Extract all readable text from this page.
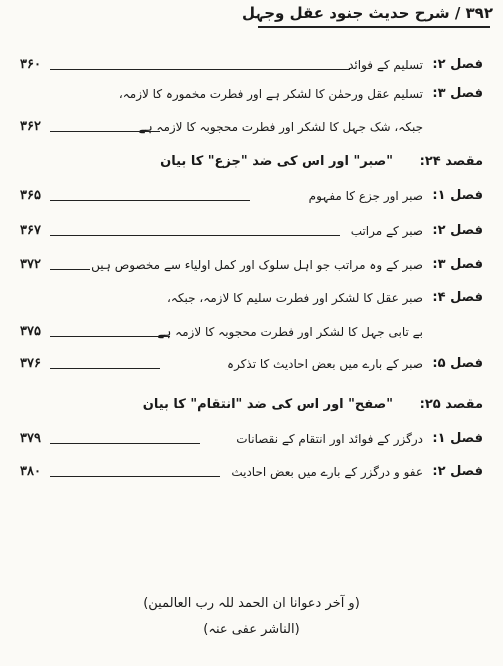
۳۹۲ / شرح حدیث جنود عقل وجہل
فصل ۲:
تسلیم کے فوائد
۳۶۰
فصل ۳:
تسلیم عقل ورحمٰن کا لشکر ہے اور فطرت مخمورہ کا لازمہ،
جبکہ، شک جہل کا لشکر اور فطرت محجوبہ کا لازمہ ہے
۳۶۲
مقصد ۲۴:
"صبر" اور اس کی ضد "جزع" کا بیان
فصل ۱:
صبر اور جزع کا مفہوم
۳۶۵
فصل ۲:
صبر کے مراتب
۳۶۷
فصل ۳:
صبر کے وہ مراتب جو اہل سلوک اور کمل اولیاء سے مخصوص ہیں
۳۷۲
فصل ۴:
صبر عقل کا لشکر اور فطرت سلیم کا لازمہ، جبکہ،
بے تابی جہل کا لشکر اور فطرت محجوبہ کا لازمہ ہے
۳۷۵
فصل ۵:
صبر کے بارے میں بعض احادیث کا تذکرہ
۳۷۶
مقصد ۲۵:
"صفح" اور اس کی ضد "انتقام" کا بیان
فصل ۱:
درگزر کے فوائد اور انتقام کے نقصانات
۳۷۹
فصل ۲:
عفو و درگزر کے بارے میں بعض احادیث
۳۸۰
(و آخر دعوانا ان الحمد للہ رب العالمین)
(الناشر عفی عنہ)
